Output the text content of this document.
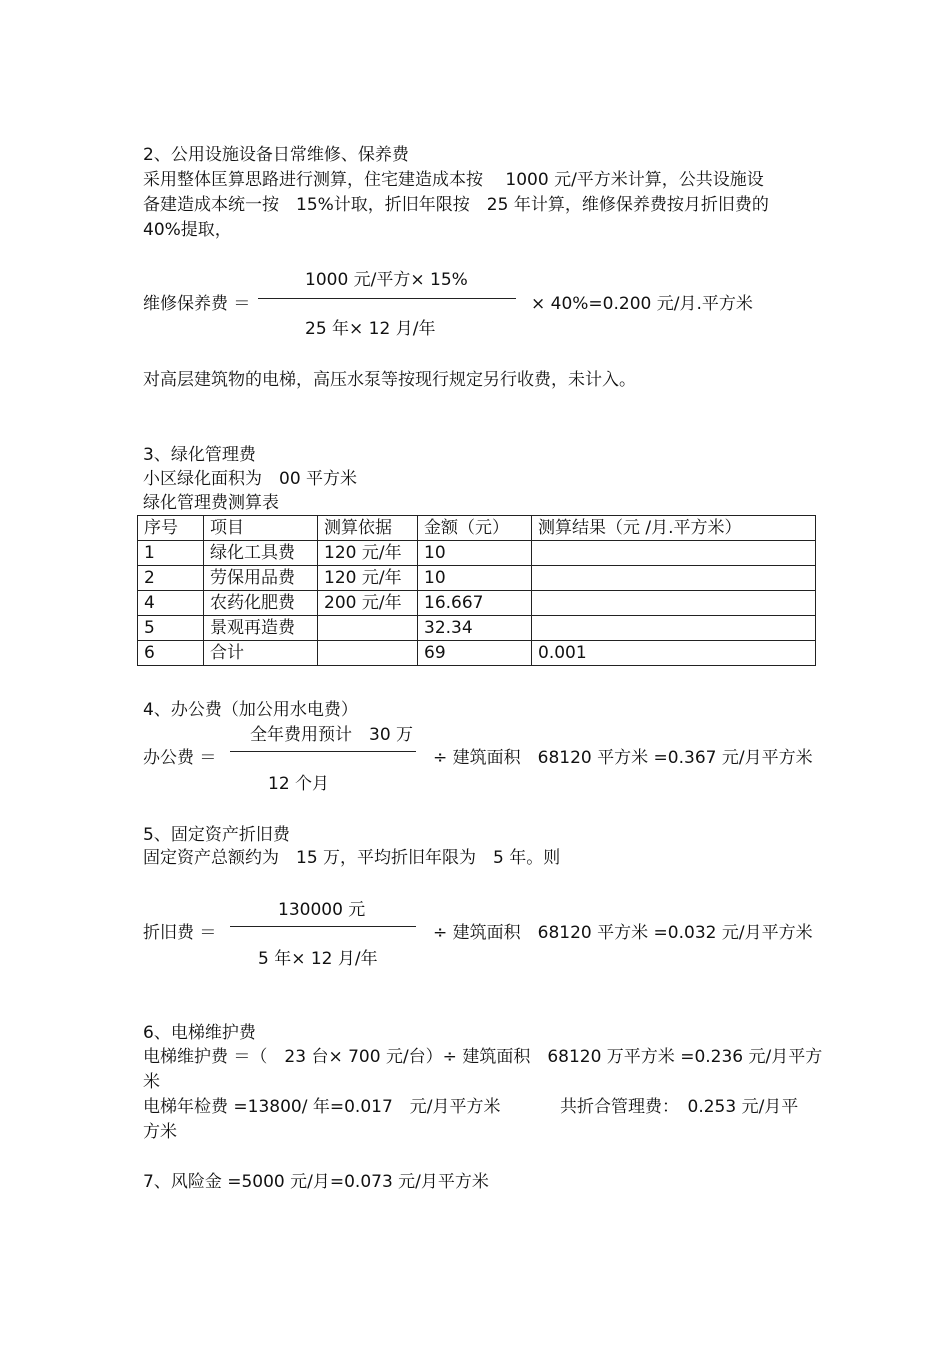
2、公用设施设备日常维修、保养费
采用整体匡算思路进行测算，住宅建造成本按　 1000 元/平方米计算，公共设施设
备建造成本统一按　15%计取，折旧年限按　25 年计算，维修保养费按月折旧费的
40%提取，
1000 元/平方× 15%
维修保养费 ＝	× 40%=0.200 元/月.平方米
25 年× 12 月/年
对高层建筑物的电梯，高压水泵等按现行规定另行收费，未计入。
3、绿化管理费
小区绿化面积为　00 平方米
绿化管理费测算表
序号	项目	测算依据	金额（元）	测算结果（元 /月.平方米）
1	绿化工具费	120 元/年	10	
2	劳保用品费	120 元/年	10	
4	农药化肥费	200 元/年	16.667	
5	景观再造费		32.34	
6	合计		69	0.001
4、办公费（加公用水电费）
全年费用预计　30 万
办公费 ＝	÷ 建筑面积　68120 平方米 =0.367 元/月平方米
12 个月
5、固定资产折旧费
固定资产总额约为　15 万，平均折旧年限为　5 年。则
130000 元
折旧费 ＝	÷ 建筑面积　68120 平方米 =0.032 元/月平方米
5 年× 12 月/年
6、电梯维护费
电梯维护费 ＝（　23 台× 700 元/台）÷ 建筑面积　68120 万平方米 =0.236 元/月平方
米
电梯年检费 =13800/ 年=0.017　元/月平方米	共折合管理费：　0.253 元/月平
方米
7、风险金 =5000 元/月=0.073 元/月平方米
